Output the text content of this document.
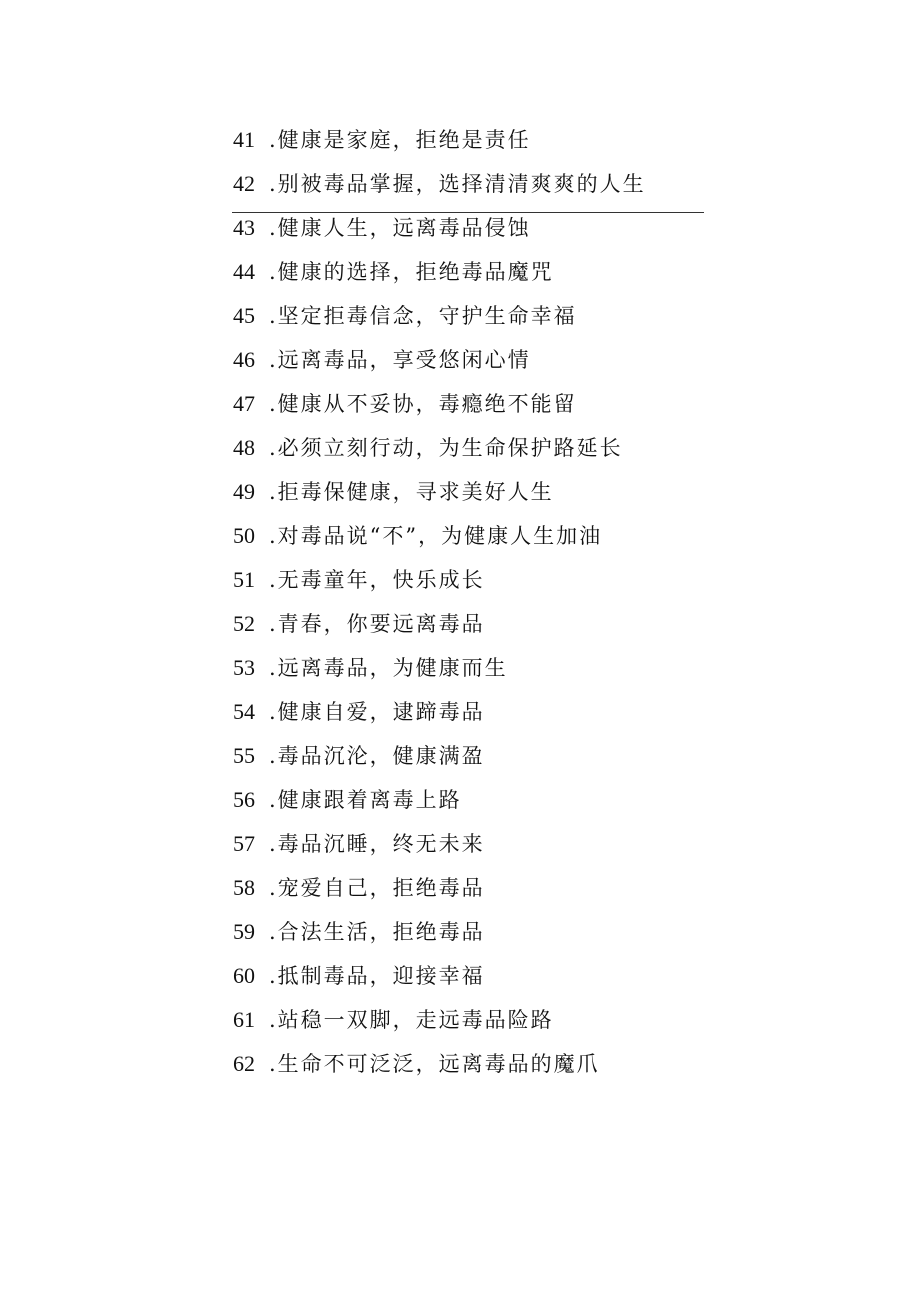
41 .健康是家庭，拒绝是责任
42 .别被毒品掌握，选择清清爽爽的人生
43 .健康人生，远离毒品侵蚀
44 .健康的选择，拒绝毒品魔咒
45 .坚定拒毒信念，守护生命幸福
46 .远离毒品，享受悠闲心情
47 .健康从不妥协，毒瘾绝不能留
48 .必须立刻行动，为生命保护路延长
49 .拒毒保健康，寻求美好人生
50 .对毒品说“不”，为健康人生加油
51 .无毒童年，快乐成长
52 .青春，你要远离毒品
53 .远离毒品，为健康而生
54 .健康自爱，逮蹄毒品
55 .毒品沉沦，健康满盈
56 .健康跟着离毒上路
57 .毒品沉睡，终无未来
58 .宠爱自己，拒绝毒品
59 .合法生活，拒绝毒品
60 .抵制毒品，迎接幸福
61 .站稳一双脚，走远毒品险路
62 .生命不可泛泛，远离毒品的魔爪
